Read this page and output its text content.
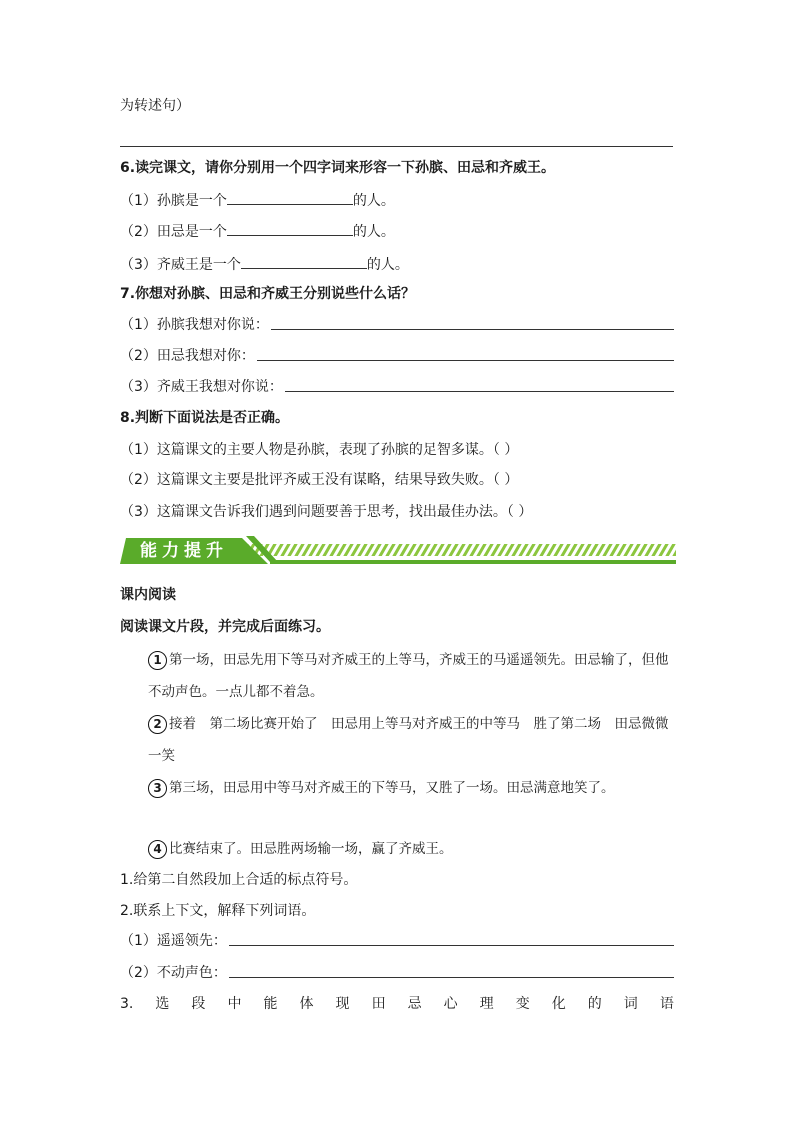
为转述句）
6.读完课文，请你分别用一个四字词来形容一下孙膑、田忌和齐威王。
（1）孙膑是一个	的人。
（2）田忌是一个	的人。
（3）齐威王是一个	的人。
7.你想对孙膑、田忌和齐威王分别说些什么话？
（1）孙膑我想对你说：
（2）田忌我想对你：
（3）齐威王我想对你说：
8.判断下面说法是否正确。
（1）这篇课文的主要人物是孙膑，表现了孙膑的足智多谋。（ ）
（2）这篇课文主要是批评齐威王没有谋略，结果导致失败。（ ）
（3）这篇课文告诉我们遇到问题要善于思考，找出最佳办法。（ ）
能力提升
课内阅读
阅读课文片段，并完成后面练习。
1 第一场，田忌先用下等马对齐威王的上等马，齐威王的马遥遥领先。田忌输了，但他不动声色。一点儿都不着急。
2 接着　第二场比赛开始了　田忌用上等马对齐威王的中等马　胜了第二场　田忌微微一笑
3 第三场，田忌用中等马对齐威王的下等马，又胜了一场。田忌满意地笑了。
4 比赛结束了。田忌胜两场输一场，赢了齐威王。
1.给第二自然段加上合适的标点符号。
2.联系上下文，解释下列词语。
（1）遥遥领先：
（2）不动声色：
3. 选 段 中 能 体 现 田 忌 心 理 变 化 的 词 语
